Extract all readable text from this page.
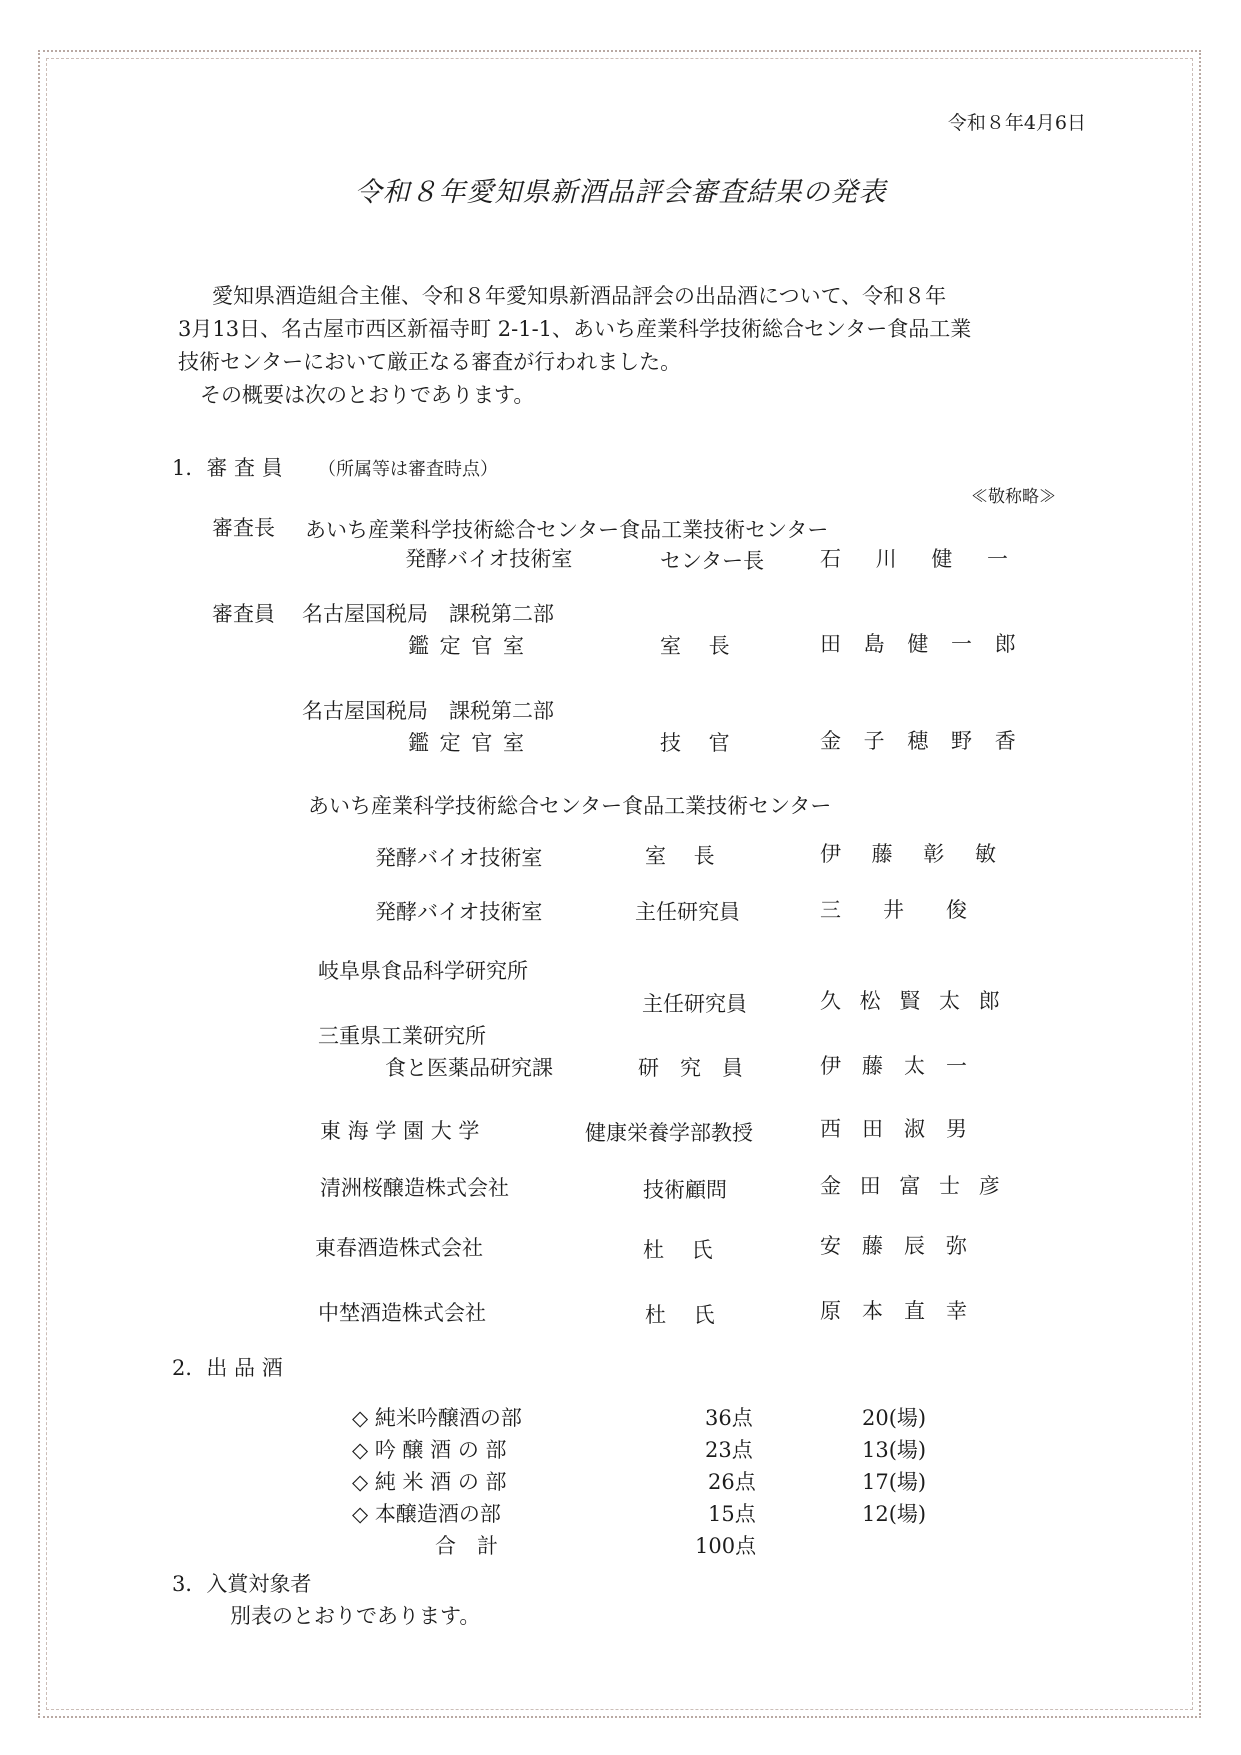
令和８年4月6日
令和８年愛知県新酒品評会審査結果の発表

愛知県酒造組合主催、令和８年愛知県新酒品評会の出品酒について、令和８年

3月13日、名古屋市西区新福寺町 2-1-1、あいち産業科学技術総合センター食品工業

技術センターにおいて厳正なる審査が行われました。

その概要は次のとおりであります。

1．審 査 員 （所属等は審査時点）
≪敬称略≫
審査長 あいち産業科学技術総合センター食品工業技術センター
発酵バイオ技術室	センター長	石 川 健 一
審査員 名古屋国税局　課税第二部
鑑 定 官 室	室　 長	田 島 健 一 郎
名古屋国税局　課税第二部
鑑 定 官 室	技　 官	金 子 穂 野 香
あいち産業科学技術総合センター食品工業技術センター
発酵バイオ技術室	室　 長	伊 藤 彰 敏
発酵バイオ技術室	主任研究員	三　　井　　俊
岐阜県食品科学研究所
主任研究員	久 松 賢 太 郎
三重県工業研究所
食と医薬品研究課	研　究　員	伊　藤　太　一
東 海 学 園 大 学	健康栄養学部教授	西　田　淑　男
清洲桜醸造株式会社	技術顧問	金 田 富 士 彦
東春酒造株式会社	杜　 氏	安　藤　辰　弥
中埜酒造株式会社	杜　 氏	原　本　直　幸
2．出 品 酒
◇ 純米吟醸酒の部	36点	20(場)
◇ 吟 醸 酒 の 部	23点	13(場)
◇ 純 米 酒 の 部	26点	17(場)
◇ 本醸造酒の部	15点	12(場)
合　計	100点
3．入賞対象者
別表のとおりであります。
